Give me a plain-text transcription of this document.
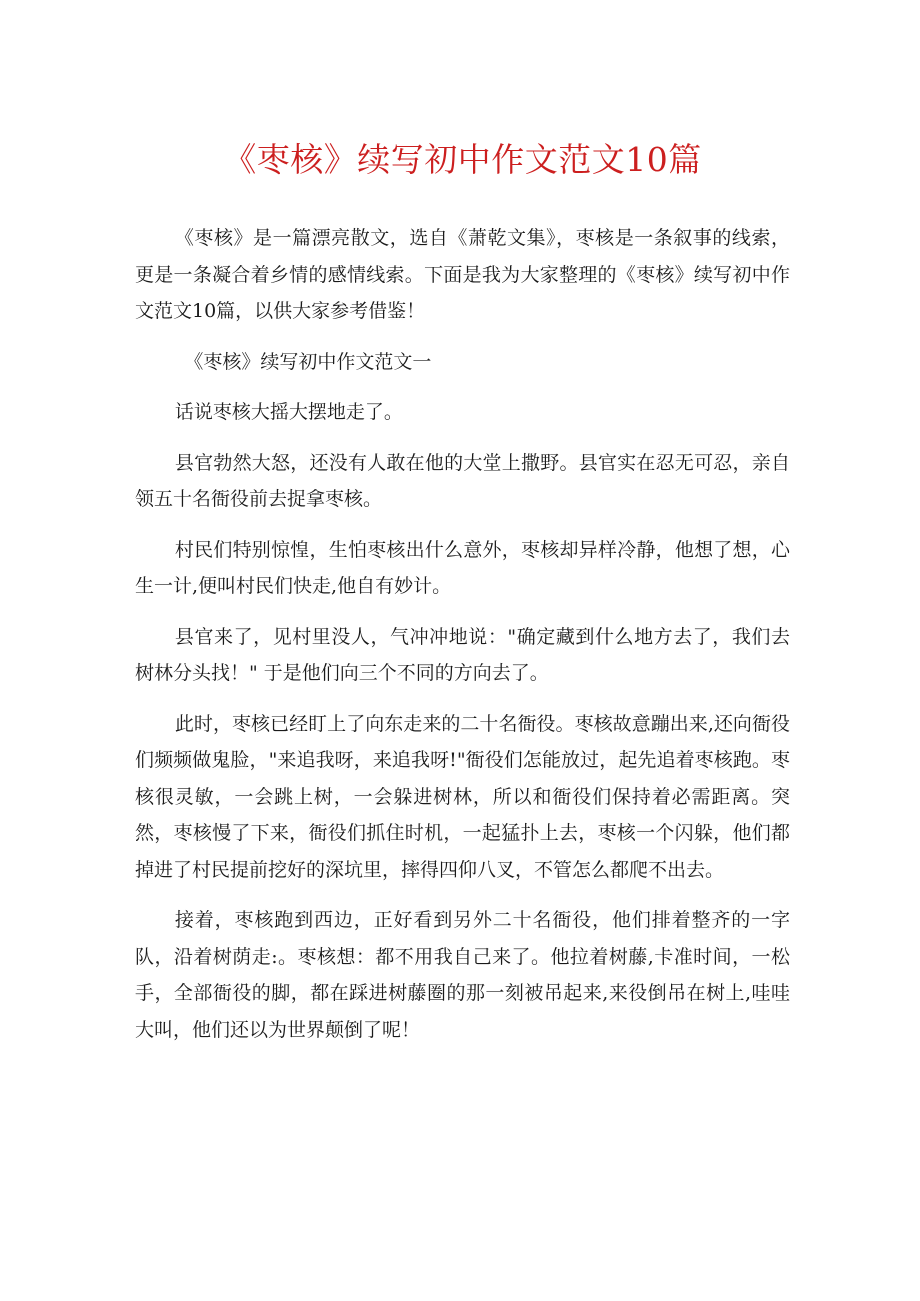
《枣核》续写初中作文范文10篇

《枣核》是一篇漂亮散文，选自《萧乾文集》，枣核是一条叙事的线索，更是一条凝合着乡情的感情线索。下面是我为大家整理的《枣核》续写初中作文范文10篇，以供大家参考借鉴！

《枣核》续写初中作文范文一

话说枣核大摇大摆地走了。

县官勃然大怒，还没有人敢在他的大堂上撒野。县官实在忍无可忍，亲自领五十名衙役前去捉拿枣核。

村民们特别惊惶，生怕枣核出什么意外，枣核却异样冷静，他想了想，心生一计,便叫村民们快走,他自有妙计。

县官来了，见村里没人，气冲冲地说："确定藏到什么地方去了，我们去树林分头找！" 于是他们向三个不同的方向去了。

此时，枣核已经盯上了向东走来的二十名衙役。枣核故意蹦出来,还向衙役们频频做鬼脸，"来追我呀，来追我呀!"衙役们怎能放过，起先追着枣核跑。枣核很灵敏，一会跳上树，一会躲进树林，所以和衙役们保持着必需距离。突然，枣核慢了下来，衙役们抓住时机，一起猛扑上去，枣核一个闪躲，他们都掉进了村民提前挖好的深坑里，摔得四仰八叉，不管怎么都爬不出去。

接着，枣核跑到西边，正好看到另外二十名衙役，他们排着整齐的一字队，沿着树荫走:。枣核想：都不用我自己来了。他拉着树藤,卡准时间，一松手，全部衙役的脚，都在踩进树藤圈的那一刻被吊起来,来役倒吊在树上,哇哇大叫，他们还以为世界颠倒了呢！
